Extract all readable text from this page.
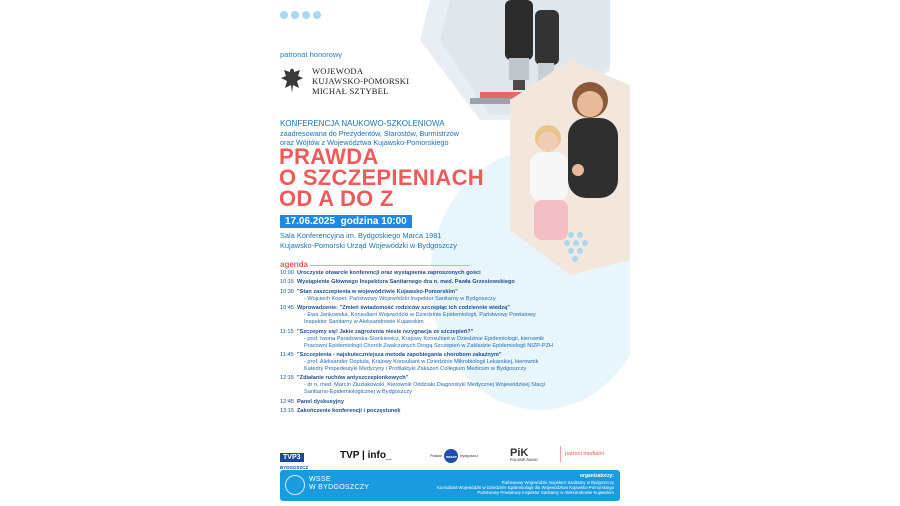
patronat honorowy
WOJEWODA
KUJAWSKO-POMORSKI
MICHAŁ SZTYBEL
KONFERENCJA NAUKOWO-SZKOLENIOWA
zaadresowana do Prezydentów, Starostów, Burmistrzów
oraz Wójtów z Województwa Kujawsko-Pomorskiego
PRAWDA
O SZCZEPIENIACH
OD A DO Z
17.06.2025  godzina 10:00
Sala Konferencyjna im. Bydgoskiego Marca 1981
Kujawsko-Pomorski Urząd Wojewódzki w Bydgoszczy
agenda
10:00 Uroczyste otwarcie konferencji oraz wystąpienia zaproszonych gości
10:15 Wystąpienie Głównego Inspektora Sanitarnego dra n. med. Pawła Grzesiowskiego
10:30 "Stan zaszczepienia w województwie Kujawsko-Pomorskim"
- Wojciech Koper, Państwowy Wojewódzki Inspektor Sanitarny w Bydgoszczy
10:45 Wprowadzenie: "Zmień świadomość rodziców szczepiąc ich codziennie wiedzą"
- Ewa Jankowska, Konsultant Wojewódzki w Dziedzinie Epidemiologii, Państwowy Powiatowy
Inspektor Sanitarny w Aleksandrowie Kujawskim
11:15 "Szczepmy się! Jakie zagrożenia niesie rezygnacja ze szczepień?"
- prof. Iwona Paradowska-Stankiewicz, Krajowy Konsultant w Dziedzinie Epidemiologii, kierownik
Pracowni Epidemiologii Chorób Zwalczanych Drogą Szczepień w Zakładzie Epidemiologii NIZP-PZH
11:45 "Szczepienia - najskuteczniejsza metoda zapobiegania chorobom zakaźnym"
- prof. Aleksander Deptuła, Krajowy Konsultant w Dziedzinie Mikrobiologii Lekarskiej, kierownik
Katedry Propedeutyki Medycyny i Profilaktyki Zakażeń Collegium Medicum w Bydgoszczy
12:15 "Zdiałanie ruchów antyszczepionkowych"
- dr n. med. Marcin Ziuziakowski, Kierownik Oddziału Diagnostyki Medycznej Wojewódzkiej Stacji
Sanitarno-Epidemiologicznej w Bydgoszczy
12:45 Panel dyskusyjny
13:15 Zakończenie konferencji i poczęstunek
TVP3
BYDGOSZCZ
TVP | info_	Polskie nasze bydgoszcz	PiK
POLSKIE RADIO
patroni medialni
WSSE
W BYDGOSZCZY
organizatorzy:
Państwowy Wojewódzki Inspektor Sanitarny w Bydgoszczy
Konsultant Wojewódzki w Dziedzinie Epidemiologii dla Województwa Kujawsko-Pomorskiego
Państwowy Powiatowy Inspektor Sanitarny w Aleksandrowie Kujawskim
